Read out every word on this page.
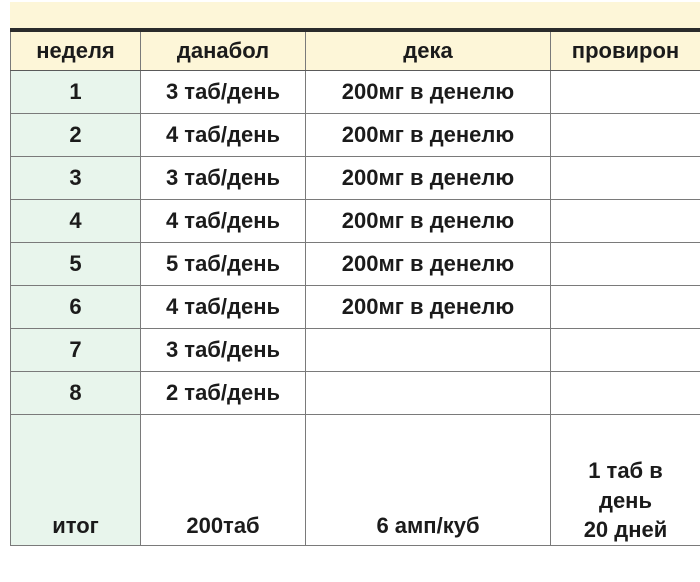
неделя	данабол	дека	провирон
1	3 таб/день	200мг в денелю	
2	4 таб/день	200мг в денелю	
3	3 таб/день	200мг в денелю	
4	4 таб/день	200мг в денелю	
5	5 таб/день	200мг в денелю	
6	4 таб/день	200мг в денелю	
7	3 таб/день		
8	2 таб/день		
итог	200таб	6 амп/куб	1 таб в
день
20 дней
